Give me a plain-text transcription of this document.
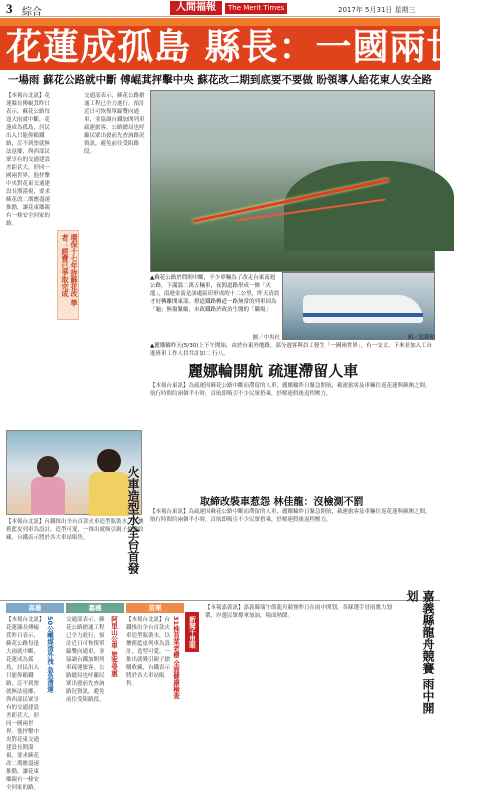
3 綜合	人間福報	The Merit Times	2017年 5月31日 星期三
花蓮成孤島 縣長：一國兩世界
一場雨 蘇花公路就中斷 傅崐萁抨擊中央 蘇花改二期到底要不要做 盼領導人給花東人安全路
【本報台北訊】花蓮縣長傅崐萁昨日表示，蘇花公路每逢大雨就中斷，花蓮成為孤島，居民出入只能仰賴鐵路，訂不到票就無法返鄉，與西部民眾享有的交通建設差距甚大，形同一國兩世界。他抨擊中央對花東交通建設長期漠視，要求蘇花改二期應盡速推動，讓花東鄉親有一條安全回家的路。
交通部表示，蘇花公路搶通工程已全力進行，預計近日可恢復單線雙向通車，並協調台鐵加開列車疏運旅客。公路總局也呼籲民眾出發前先查詢路況資訊，避免前往受阻路段。
環保十七年拚蘇花改 學者：經費已爭取完成	▲蘇花公路於問則中斷，不少車輛為了改走台東南迴公路，下滿溫二萬五輛車，夜間道路形成一條「火龍」，南迴金南是該處區印形成的十二公里，昨天清晨才好轉離開東部。燈道鐵路轉道一路無常的列車因為「龜」無傷緊縮，市政鐵路於政治生醫的「職場」
圖／中央社
▲麗娜輪昨天(5/30)上下午開始，由於台東外地路，部分遊客與員工發生「一國兩世界」，有一交文、下來並加入工台進班車工作人員共計加二 行八。
圖／范朝和
麗娜輪開航 疏運滯留人車
【本報台東訊】為疏運因蘇花公路中斷而滯留的人車，麗娜輪昨日緊急開航，載運旅客及車輛往返花蓮與蘇澳之間，航行時間約兩個半小時，首航即吸引不少民眾搭乘，紓解連假後返程壓力。
取締改裝車惹怨 林佳龍：沒檢測不罰
【本報台東訊】為疏運因蘇花公路中斷而滯留的人車，麗娜輪昨日緊急開航，載運旅客及車輛往返花蓮與蘇澳之間，航行時間約兩個半小時，首航即吸引不少民眾搭乘，紓解連假後返程壓力。
火車造型水全台首發
【本報台北訊】台鐵推出全台首款火車造型瓶裝水，以懷舊藍皮列車為設計，造型可愛，一推出就吸引親子搶購收藏，台鐵表示將於各大車站販售。
高雄	嘉義	苗栗
新聞千里眼
50公噸煤渣外洩 急急清運
【本報台北訊】花蓮縣長傅崐萁昨日表示，蘇花公路每逢大雨就中斷，花蓮成為孤島，居民出入只能仰賴鐵路，訂不到票就無法返鄉，與西部民眾享有的交通建設差距甚大，形同一國兩世界。他抨擊中央對花東交通建設長期漠視，要求蘇花改二期應盡速推動，讓花東鄉親有一條安全回家的路。
阿里山公車 旅客受惠
交通部表示，蘇花公路搶通工程已全力進行，預計近日可恢復單線雙向通車，並協調台鐵加開列車疏運旅客。公路總局也呼籲民眾出發前先查詢路況資訊，避免前往受阻路段。
31株苔菜老樹 全面健康檢查
【本報台北訊】台鐵推出全台首款火車造型瓶裝水，以懷舊藍皮列車為設計，造型可愛，一推出就吸引親子搶購收藏，台鐵表示將於各大車站販售。
【本報嘉義訊】嘉義縣端午節龍舟競賽昨日在雨中開划，各隊選手冒雨奮力划槳，岸邊民眾撐傘加油，場面熱鬧。	嘉義縣龍舟競賽 雨中開划
